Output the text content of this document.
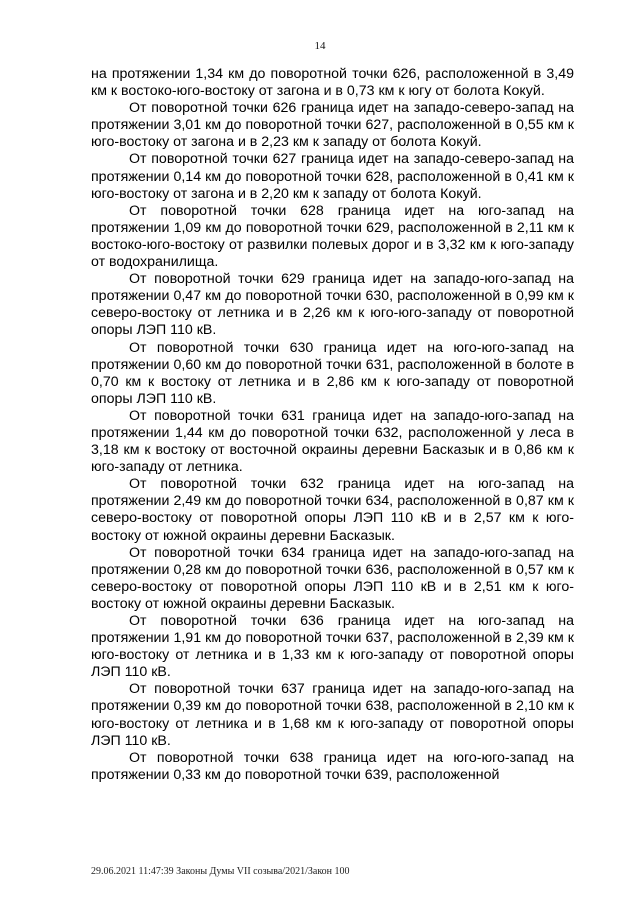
14

на протяжении 1,34 км до поворотной точки 626, расположенной в 3,49 км к востоко-юго-востоку от загона и в 0,73 км к югу от болота Кокуй.

От поворотной точки 626 граница идет на западо-северо-запад на протяжении 3,01 км до поворотной точки 627, расположенной в 0,55 км к юго-востоку от загона и в 2,23 км к западу от болота Кокуй.

От поворотной точки 627 граница идет на западо-северо-запад на протяжении 0,14 км до поворотной точки 628, расположенной в 0,41 км к юго-востоку от загона и в 2,20 км к западу от болота Кокуй.

От поворотной точки 628 граница идет на юго-запад на протяжении 1,09 км до поворотной точки 629, расположенной в 2,11 км к востоко-юго-востоку от развилки полевых дорог и в 3,32 км к юго-западу от водохранилища.

От поворотной точки 629 граница идет на западо-юго-запад на протяжении 0,47 км до поворотной точки 630, расположенной в 0,99 км к северо-востоку от летника и в 2,26 км к юго-юго-западу от поворотной опоры ЛЭП 110 кВ.

От поворотной точки 630 граница идет на юго-юго-запад на протяжении 0,60 км до поворотной точки 631, расположенной в болоте в 0,70 км к востоку от летника и в 2,86 км к юго-западу от поворотной опоры ЛЭП 110 кВ.

От поворотной точки 631 граница идет на западо-юго-запад на протяжении 1,44 км до поворотной точки 632, расположенной у леса в 3,18 км к востоку от восточной окраины деревни Басказык и в 0,86 км к юго-западу от летника.

От поворотной точки 632 граница идет на юго-запад на протяжении 2,49 км до поворотной точки 634, расположенной в 0,87 км к северо-востоку от поворотной опоры ЛЭП 110 кВ и в 2,57 км к юго-востоку от южной окраины деревни Басказык.

От поворотной точки 634 граница идет на западо-юго-запад на протяжении 0,28 км до поворотной точки 636, расположенной в 0,57 км к северо-востоку от поворотной опоры ЛЭП 110 кВ и в 2,51 км к юго-востоку от южной окраины деревни Басказык.

От поворотной точки 636 граница идет на юго-запад на протяжении 1,91 км до поворотной точки 637, расположенной в 2,39 км к юго-востоку от летника и в 1,33 км к юго-западу от поворотной опоры ЛЭП 110 кВ.

От поворотной точки 637 граница идет на западо-юго-запад на протяжении 0,39 км до поворотной точки 638, расположенной в 2,10 км к юго-востоку от летника и в 1,68 км к юго-западу от поворотной опоры ЛЭП 110 кВ.

От поворотной точки 638 граница идет на юго-юго-запад на протяжении 0,33 км до поворотной точки 639, расположенной

29.06.2021 11:47:39 Законы Думы VII созыва/2021/Закон 100
